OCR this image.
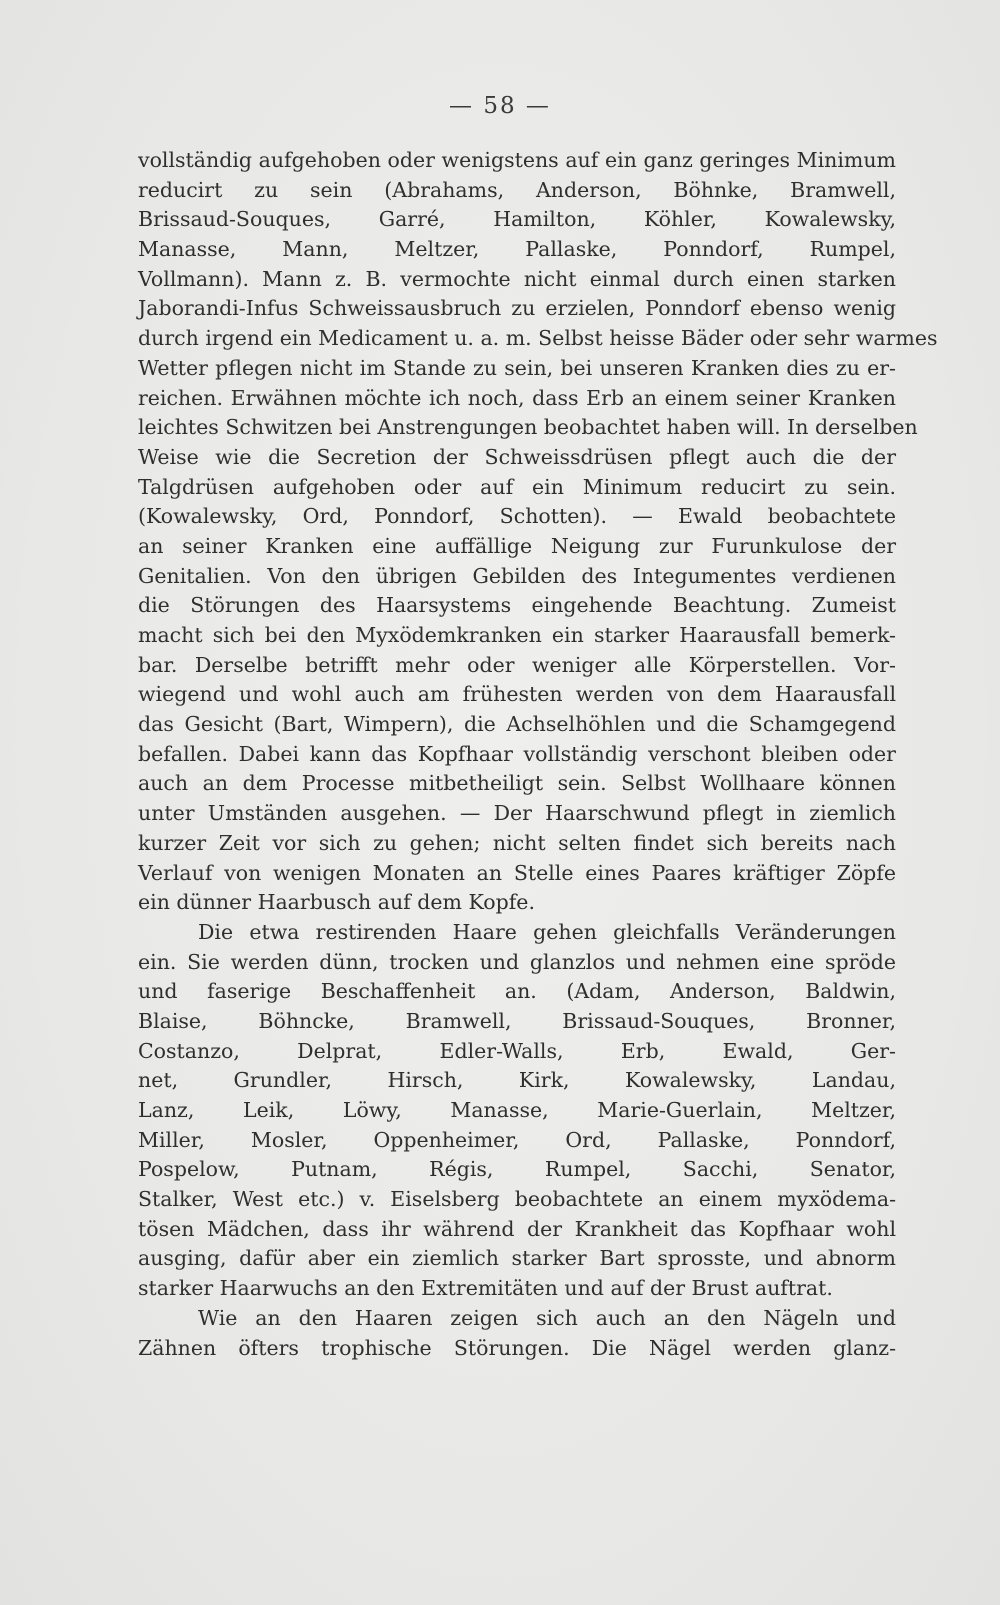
— 58 —
vollständig aufgehoben oder wenigstens auf ein ganz geringes Minimum
reducirt zu sein (Abrahams, Anderson, Böhnke, Bramwell,
Brissaud-Souques, Garré, Hamilton, Köhler, Kowalewsky,
Manasse, Mann, Meltzer, Pallaske, Ponndorf, Rumpel,
Vollmann). Mann z. B. vermochte nicht einmal durch einen starken
Jaborandi-Infus Schweissausbruch zu erzielen, Ponndorf ebenso wenig
durch irgend ein Medicament u. a. m. Selbst heisse Bäder oder sehr warmes
Wetter pflegen nicht im Stande zu sein, bei unseren Kranken dies zu er-
reichen. Erwähnen möchte ich noch, dass Erb an einem seiner Kranken
leichtes Schwitzen bei Anstrengungen beobachtet haben will. In derselben
Weise wie die Secretion der Schweissdrüsen pflegt auch die der
Talgdrüsen aufgehoben oder auf ein Minimum reducirt zu sein.
(Kowalewsky, Ord, Ponndorf, Schotten). — Ewald beobachtete
an seiner Kranken eine auffällige Neigung zur Furunkulose der
Genitalien. Von den übrigen Gebilden des Integumentes verdienen
die Störungen des Haarsystems eingehende Beachtung. Zumeist
macht sich bei den Myxödemkranken ein starker Haarausfall bemerk-
bar. Derselbe betrifft mehr oder weniger alle Körperstellen. Vor-
wiegend und wohl auch am frühesten werden von dem Haarausfall
das Gesicht (Bart, Wimpern), die Achselhöhlen und die Schamgegend
befallen. Dabei kann das Kopfhaar vollständig verschont bleiben oder
auch an dem Processe mitbetheiligt sein. Selbst Wollhaare können
unter Umständen ausgehen. — Der Haarschwund pflegt in ziemlich
kurzer Zeit vor sich zu gehen; nicht selten findet sich bereits nach
Verlauf von wenigen Monaten an Stelle eines Paares kräftiger Zöpfe
ein dünner Haarbusch auf dem Kopfe.
Die etwa restirenden Haare gehen gleichfalls Veränderungen
ein. Sie werden dünn, trocken und glanzlos und nehmen eine spröde
und faserige Beschaffenheit an. (Adam, Anderson, Baldwin,
Blaise, Böhncke, Bramwell, Brissaud-Souques, Bronner,
Costanzo, Delprat, Edler-Walls, Erb, Ewald, Ger-
net, Grundler, Hirsch, Kirk, Kowalewsky, Landau,
Lanz, Leik, Löwy, Manasse, Marie-Guerlain, Meltzer,
Miller, Mosler, Oppenheimer, Ord, Pallaske, Ponndorf,
Pospelow, Putnam, Régis, Rumpel, Sacchi, Senator,
Stalker, West etc.) v. Eiselsberg beobachtete an einem myxödema-
tösen Mädchen, dass ihr während der Krankheit das Kopfhaar wohl
ausging, dafür aber ein ziemlich starker Bart sprosste, und abnorm
starker Haarwuchs an den Extremitäten und auf der Brust auftrat.
Wie an den Haaren zeigen sich auch an den Nägeln und
Zähnen öfters trophische Störungen. Die Nägel werden glanz-
